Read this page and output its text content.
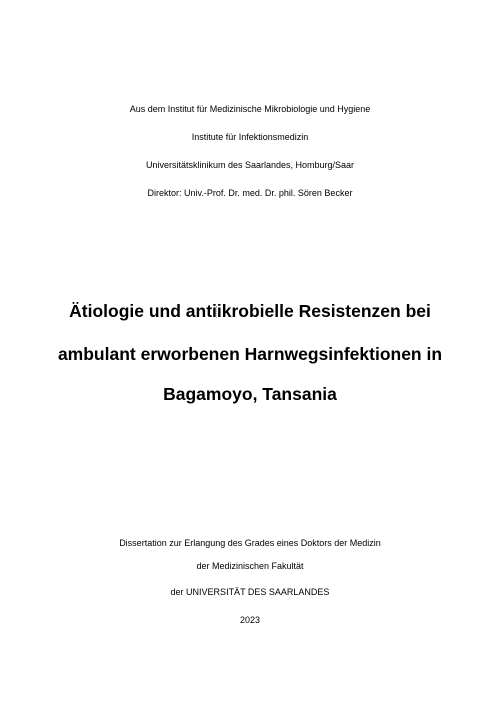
Aus dem Institut für Medizinische Mikrobiologie und Hygiene
Institute für Infektionsmedizin
Universitätsklinikum des Saarlandes, Homburg/Saar
Direktor: Univ.-Prof. Dr. med. Dr. phil. Sören Becker
Ätiologie und antiikrobielle Resistenzen bei
ambulant erworbenen Harnwegsinfektionen in
Bagamoyo, Tansania
Dissertation zur Erlangung des Grades eines Doktors der Medizin
der Medizinischen Fakultät
der UNIVERSITÄT DES SAARLANDES
2023
